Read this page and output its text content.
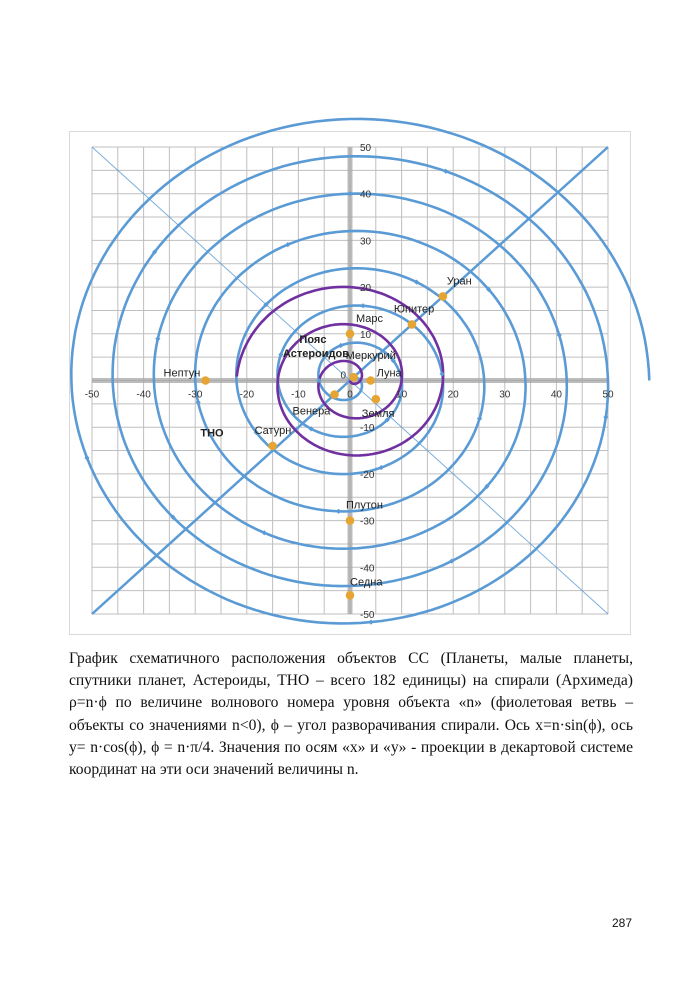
-50	-40	-30	-20	-10	0	10	20	30	40	50
50
40
30
20
10
-10
-20
-30
-40
-50
0
Меркурий
Луна
Венера	Земля
Марс
Юпитер
Уран
Нептун
Сатурн
Плутон
Седна
Пояс
Астероидов
ТНО
График схематичного расположения объектов СС (Планеты, малые планеты,
спутники планет, Астероиды, ТНО – всего 182 единицы) на спирали (Архимеда)
ρ=n·ϕ по величине волнового номера уровня объекта «n» (фиолетовая ветвь –
объекты со значениями n<0), ϕ – угол разворачивания спирали. Ось x=n·sin(ϕ), ось
y= n·cos(ϕ), ϕ = n·π/4. Значения по осям «x» и «y» - проекции в декартовой системе
координат на эти оси значений величины n.
287
